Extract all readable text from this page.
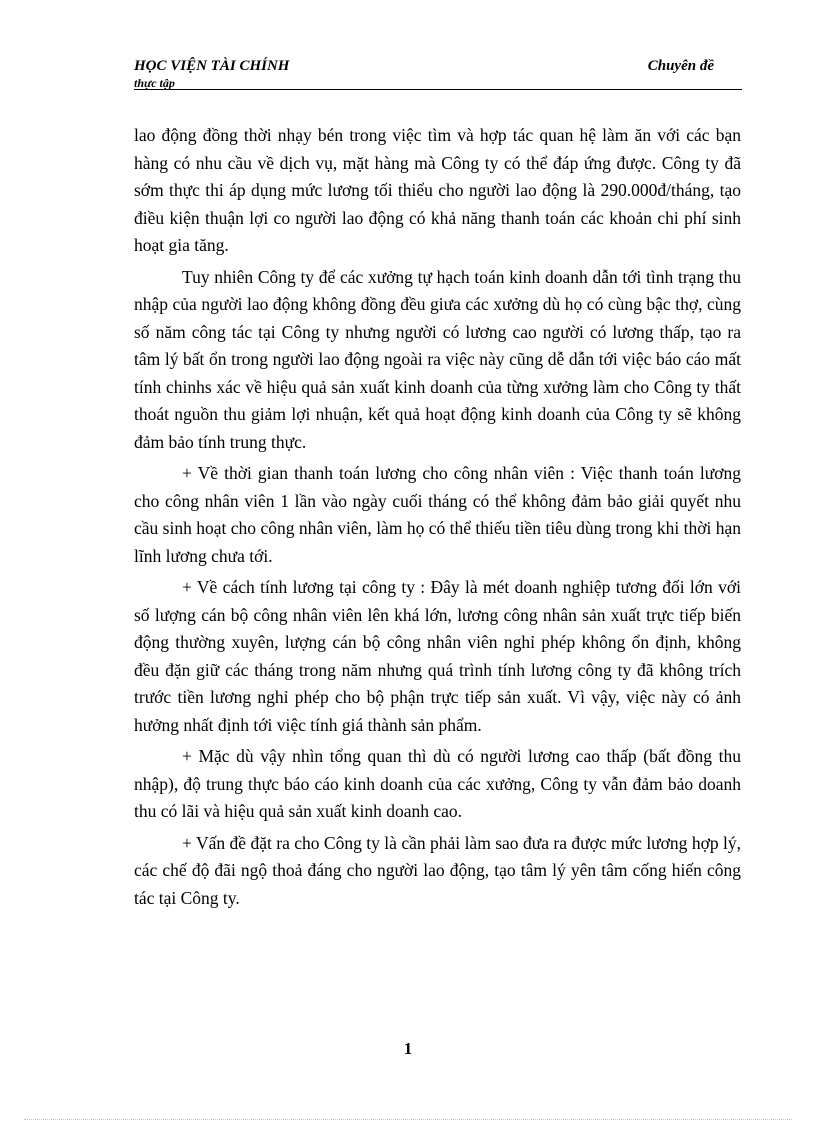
HỌC VIỆN TÀI CHÍNH	Chuyên đề
thực tập

lao động đồng thời nhạy bén trong việc tìm và hợp tác quan hệ làm ăn với các bạn hàng có nhu cầu về dịch vụ, mặt hàng mà Công ty có thể đáp ứng được. Công ty đã sớm thực thi áp dụng mức lương tối thiểu cho người lao động là 290.000đ/tháng, tạo điều kiện thuận lợi co người lao động có khả năng thanh toán các khoản chi phí sinh hoạt gia tăng.

Tuy nhiên Công ty để các xưởng tự hạch toán kinh doanh dẫn tới tình trạng thu nhập của người lao động không đồng đều giưa các xưởng dù họ có cùng bậc thợ, cùng số năm công tác tại Công ty nhưng người có lương cao người có lương thấp, tạo ra tâm lý bất ổn trong người lao động ngoài ra việc này cũng dễ dẫn tới việc báo cáo mất tính chinhs xác về hiệu quả sản xuất kinh doanh của từng xưởng làm cho Công ty thất thoát nguồn thu giảm lợi nhuận, kết quả hoạt động kinh doanh của Công ty sẽ không đảm bảo tính trung thực.

+ Về thời gian thanh toán lương cho công nhân viên : Việc thanh toán lương cho công nhân viên 1 lần vào ngày cuối tháng có thể không đảm bảo giải quyết nhu cầu sinh hoạt cho công nhân viên, làm họ có thể thiếu tiền tiêu dùng trong khi thời hạn lĩnh lương chưa tới.

+ Về cách tính lương tại công ty : Đây là mét doanh nghiệp tương đối lớn với số lượng cán bộ công nhân viên lên khá lớn, lương công nhân sản xuất trực tiếp biến động thường xuyên, lượng cán bộ công nhân viên nghỉ phép không ổn định, không đều đặn giữ các tháng trong năm nhưng quá trình tính lương công ty đã không trích trước tiền lương nghỉ phép cho bộ phận trực tiếp sản xuất. Vì vậy, việc này có ảnh hưởng nhất định tới việc tính giá thành sản phẩm.

+ Mặc dù vậy nhìn tổng quan thì dù có người lương cao thấp (bất đồng thu nhập), độ trung thực báo cáo kinh doanh của các xưởng, Công ty vẫn đảm bảo doanh thu có lãi và hiệu quả sản xuất kinh doanh cao.

+ Vấn đề đặt ra cho Công ty là cần phải làm sao đưa ra được mức lương hợp lý, các chế độ đãi ngộ thoả đáng cho người lao động, tạo tâm lý yên tâm cống hiến công tác tại Công ty.

1
